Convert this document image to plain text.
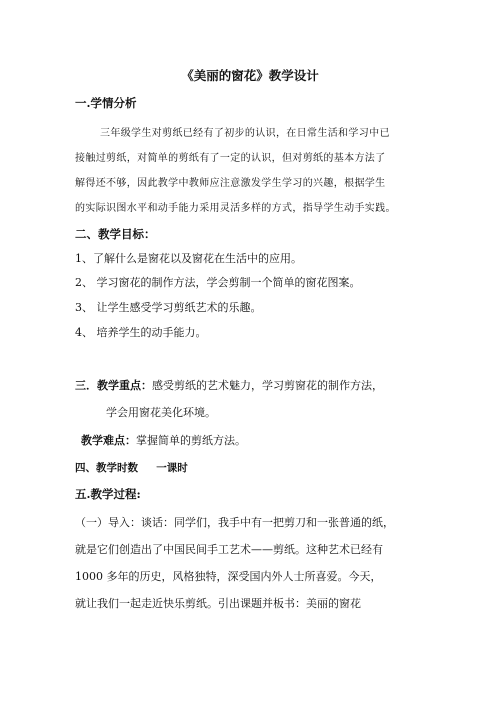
《美丽的窗花》教学设计

一.学情分析

三年级学生对剪纸已经有了初步的认识，在日常生活和学习中已

接触过剪纸，对简单的剪纸有了一定的认识，但对剪纸的基本方法了

解得还不够，因此教学中教师应注意激发学生学习的兴趣，根据学生

的实际识图水平和动手能力采用灵活多样的方式，指导学生动手实践。

二、教学目标：

1、了解什么是窗花以及窗花在生活中的应用。

2、 学习窗花的制作方法，学会剪制一个简单的窗花图案。

3、 让学生感受学习剪纸艺术的乐趣。

4、 培养学生的动手能力。

三．教学重点：感受剪纸的艺术魅力，学习剪窗花的制作方法，

学会用窗花美化环境。

教学难点：掌握简单的剪纸方法。

四、教学时数     一课时

五.教学过程:

（一）导入：谈话：同学们，我手中有一把剪刀和一张普通的纸，

就是它们创造出了中国民间手工艺术——剪纸。这种艺术已经有

1000 多年的历史，风格独特，深受国内外人士所喜爱。今天，

就让我们一起走近快乐剪纸。引出课题并板书：美丽的窗花
